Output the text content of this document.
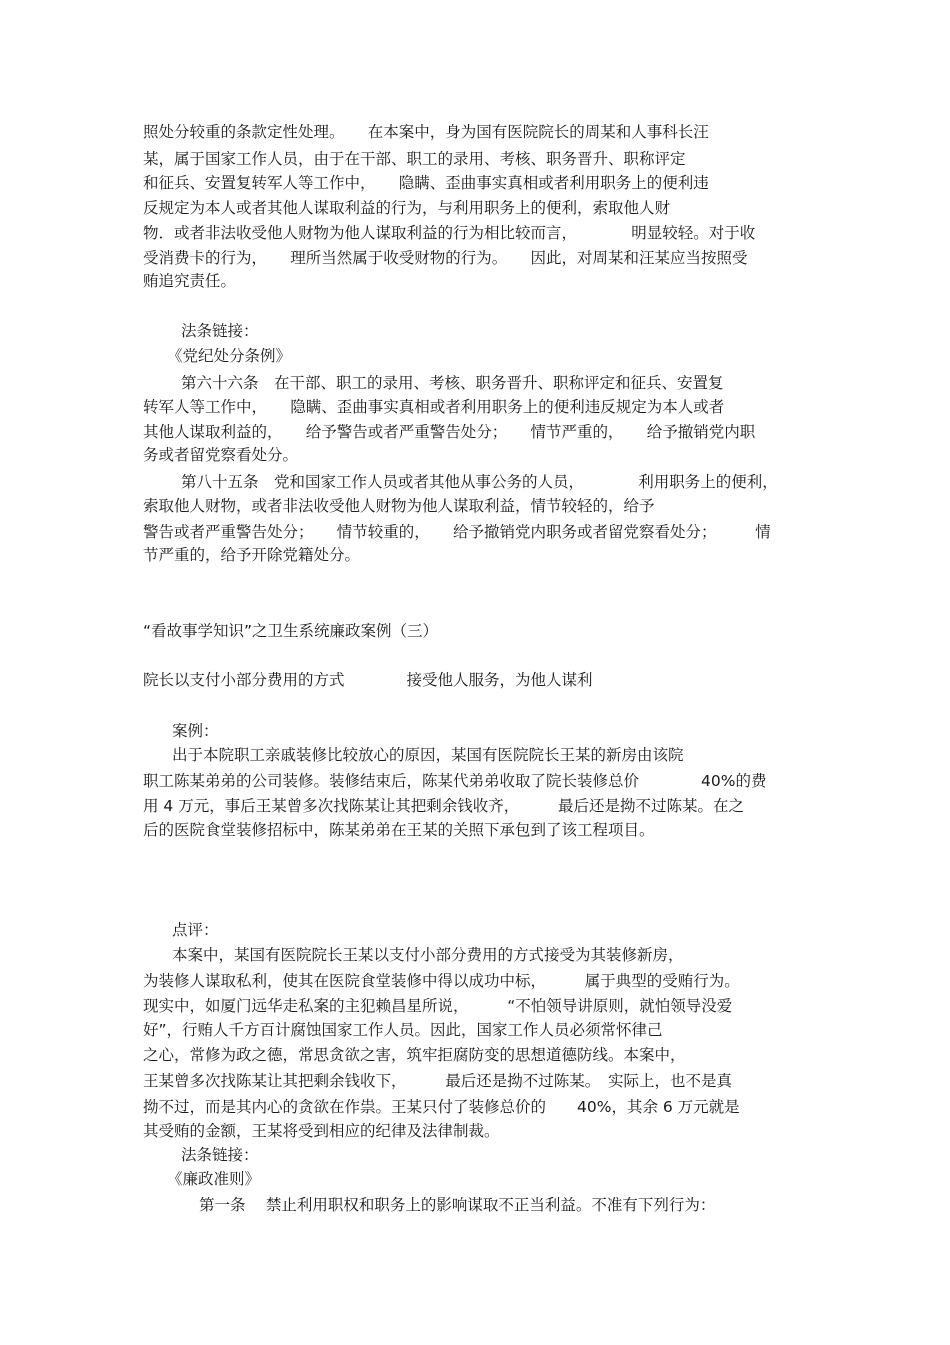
照处分较重的条款定性处理。　　在本案中，身为国有医院院长的周某和人事科长汪

某，属于国家工作人员，由于在干部、职工的录用、考核、职务晋升、职称评定

和征兵、安置复转军人等工作中，　　隐瞒、歪曲事实真相或者利用职务上的便利违

反规定为本人或者其他人谋取利益的行为，与利用职务上的便利，索取他人财

物．或者非法收受他人财物为他人谋取利益的行为相比较而言，　　　　明显较轻。对于收

受消费卡的行为，　　理所当然属于收受财物的行为。　　因此，对周某和汪某应当按照受

贿追究责任。

法条链接：

《党纪处分条例》

第六十六条　在干部、职工的录用、考核、职务晋升、职称评定和征兵、安置复

转军人等工作中，　　隐瞒、歪曲事实真相或者利用职务上的便利违反规定为本人或者

其他人谋取利益的，　　给予警告或者严重警告处分；　　情节严重的，　　给予撤销党内职

务或者留党察看处分。

第八十五条　党和国家工作人员或者其他从事公务的人员，　　　　利用职务上的便利，

索取他人财物，或者非法收受他人财物为他人谋取利益，情节较轻的，给予

警告或者严重警告处分；　　情节较重的，　　给予撤销党内职务或者留党察看处分；　　　情

节严重的，给予开除党籍处分。

“看故事学知识”之卫生系统廉政案例（三）

院长以支付小部分费用的方式　　　　接受他人服务，为他人谋利

案例：

出于本院职工亲戚装修比较放心的原因，某国有医院院长王某的新房由该院

职工陈某弟弟的公司装修。装修结束后，陈某代弟弟收取了院长装修总价　　　　40%的费

用 4 万元，事后王某曾多次找陈某让其把剩余钱收齐，　　　最后还是拗不过陈某。在之

后的医院食堂装修招标中，陈某弟弟在王某的关照下承包到了该工程项目。

点评：

本案中，某国有医院院长王某以支付小部分费用的方式接受为其装修新房，

为装修人谋取私利，使其在医院食堂装修中得以成功中标，　　　属于典型的受贿行为。

现实中，如厦门远华走私案的主犯赖昌星所说，　　　“不怕领导讲原则，就怕领导没爱

好”，行贿人千方百计腐蚀国家工作人员。因此，国家工作人员必须常怀律己

之心，常修为政之德，常思贪欲之害，筑牢拒腐防变的思想道德防线。本案中，

王某曾多次找陈某让其把剩余钱收下，　　　最后还是拗不过陈某。　实际上，也不是真

拗不过，而是其内心的贪欲在作祟。王某只付了装修总价的　　40%，其余 6 万元就是

其受贿的金额，王某将受到相应的纪律及法律制裁。

法条链接：

《廉政准则》

第一条　 禁止利用职权和职务上的影响谋取不正当利益。不准有下列行为：
